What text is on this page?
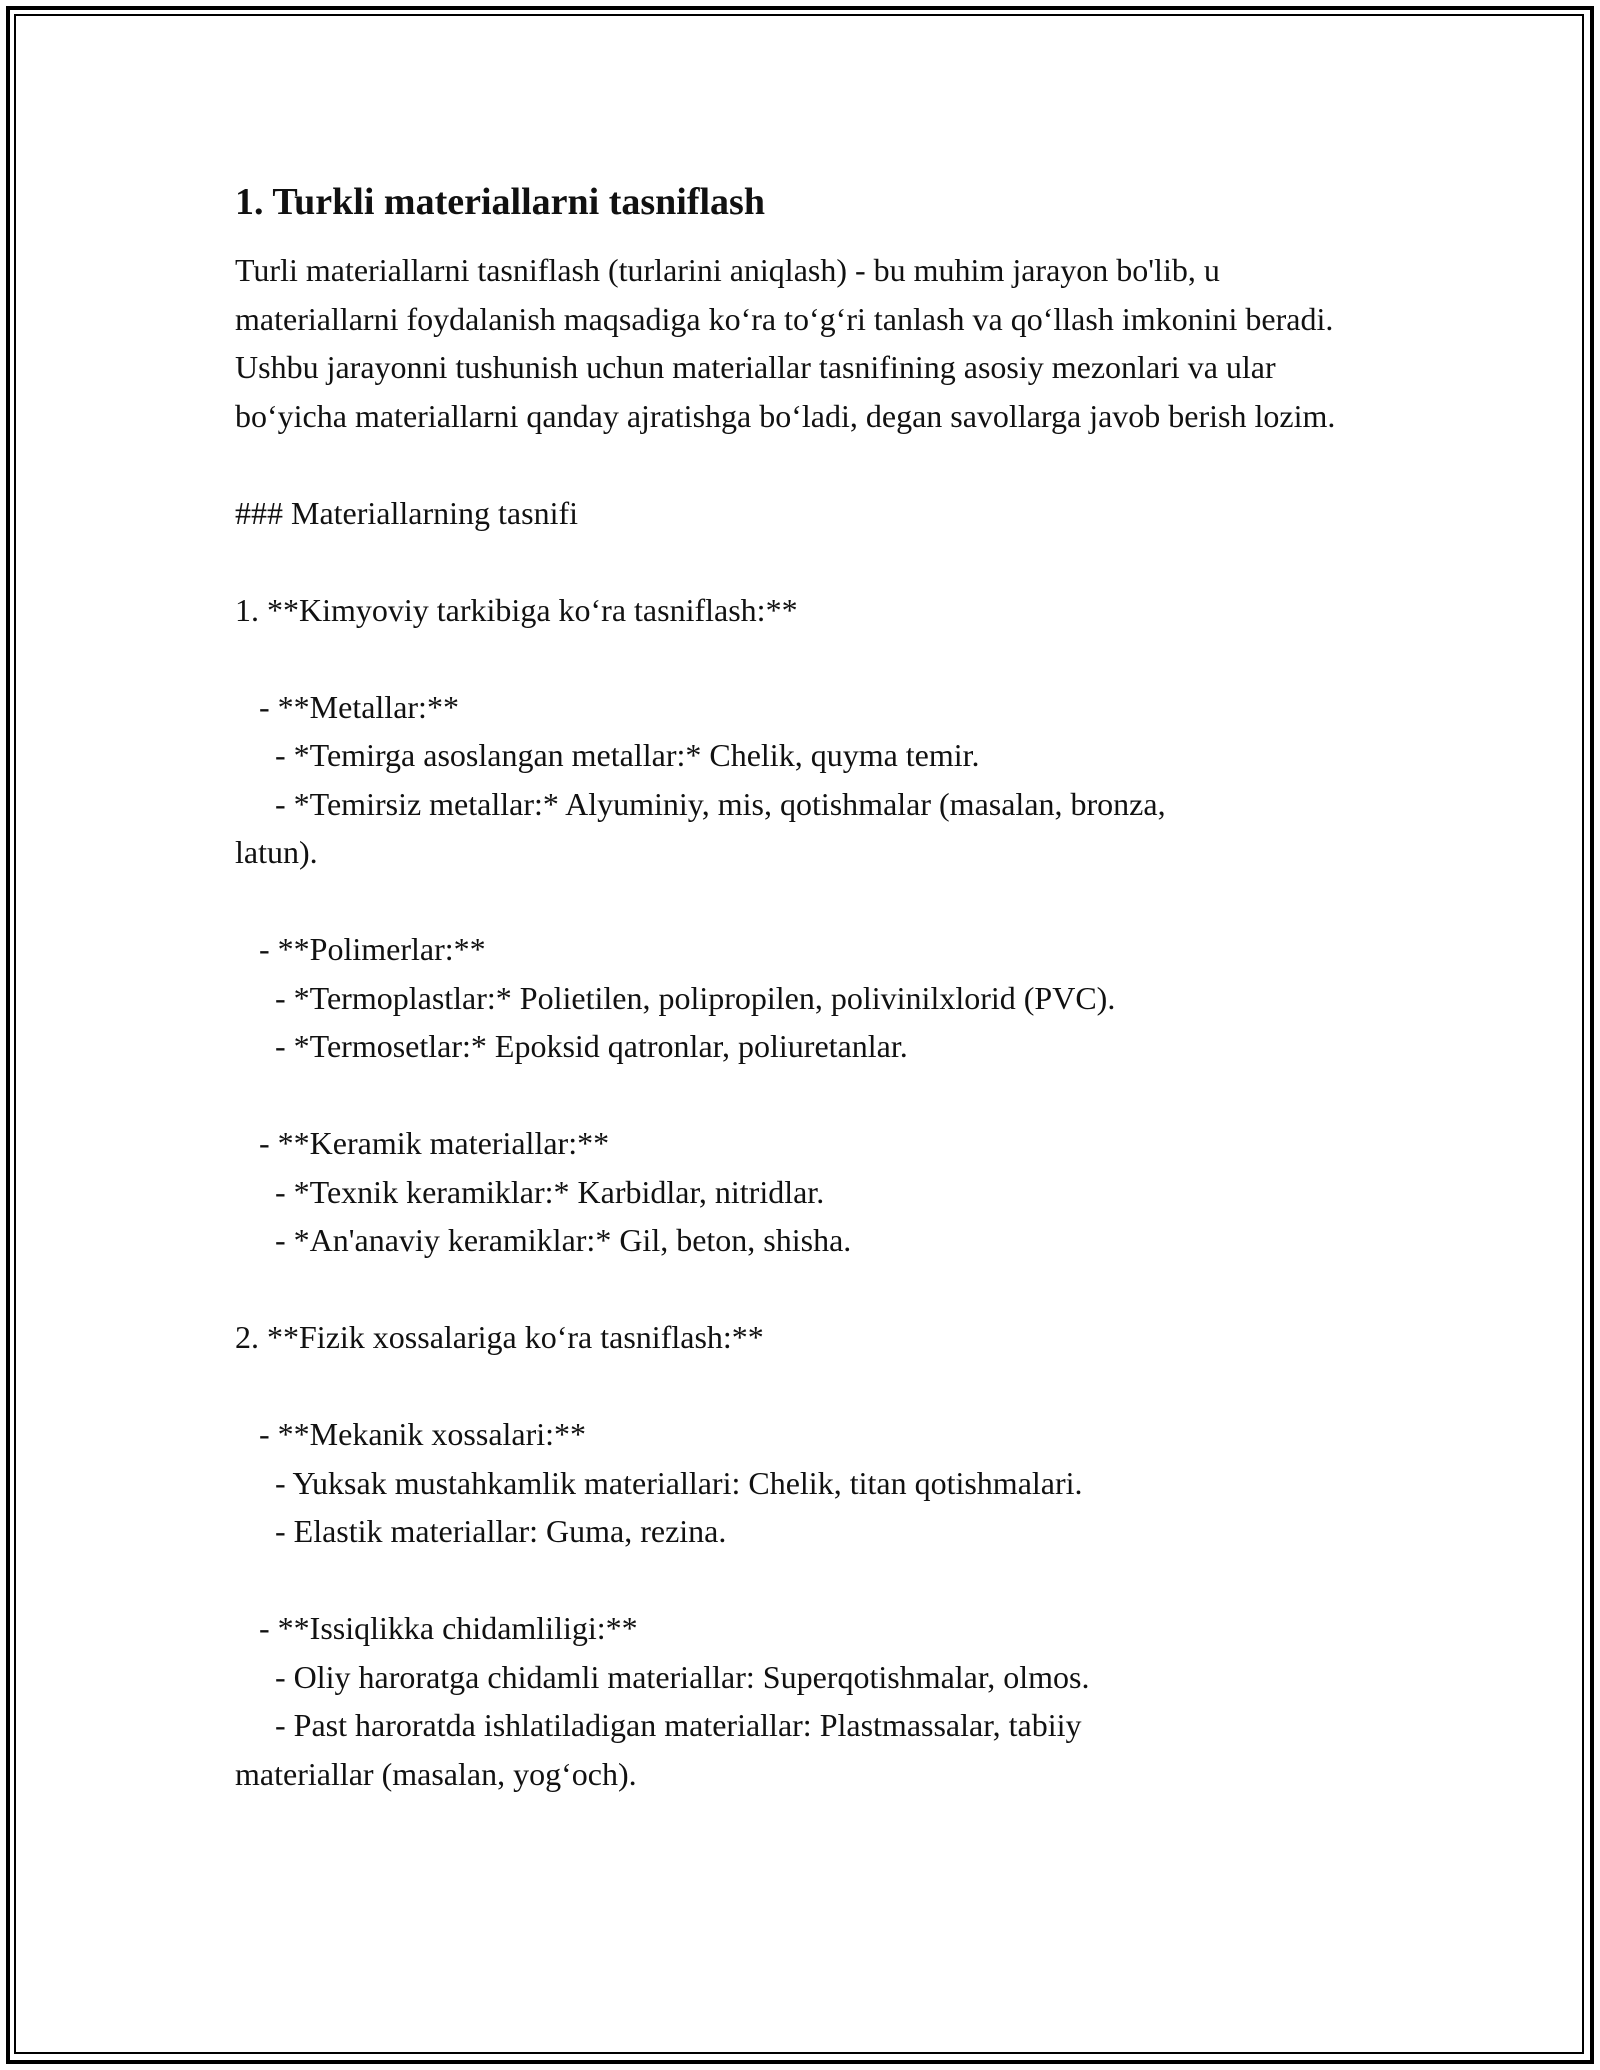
1. Turkli materiallarni tasniflash

Turli materiallarni tasniflash (turlarini aniqlash) - bu muhim jarayon bo'lib, u materiallarni foydalanish maqsadiga ko‘ra to‘g‘ri tanlash va qo‘llash imkonini beradi. Ushbu jarayonni tushunish uchun materiallar tasnifining asosiy mezonlari va ular bo‘yicha materiallarni qanday ajratishga bo‘ladi, degan savollarga javob berish lozim.

### Materiallarning tasnifi

1. **Kimyoviy tarkibiga ko‘ra tasniflash:**

- **Metallar:**
- *Temirga asoslangan metallar:* Chelik, quyma temir.
- *Temirsiz metallar:* Alyuminiy, mis, qotishmalar (masalan, bronza,
latun).

- **Polimerlar:**
- *Termoplastlar:* Polietilen, polipropilen, polivinilxlorid (PVC).
- *Termosetlar:* Epoksid qatronlar, poliuretanlar.

- **Keramik materiallar:**
- *Texnik keramiklar:* Karbidlar, nitridlar.
- *An'anaviy keramiklar:* Gil, beton, shisha.

2. **Fizik xossalariga ko‘ra tasniflash:**

- **Mekanik xossalari:**
- Yuksak mustahkamlik materiallari: Chelik, titan qotishmalari.
- Elastik materiallar: Guma, rezina.

- **Issiqlikka chidamliligi:**
- Oliy haroratga chidamli materiallar: Superqotishmalar, olmos.
- Past haroratda ishlatiladigan materiallar: Plastmassalar, tabiiy
materiallar (masalan, yog‘och).
